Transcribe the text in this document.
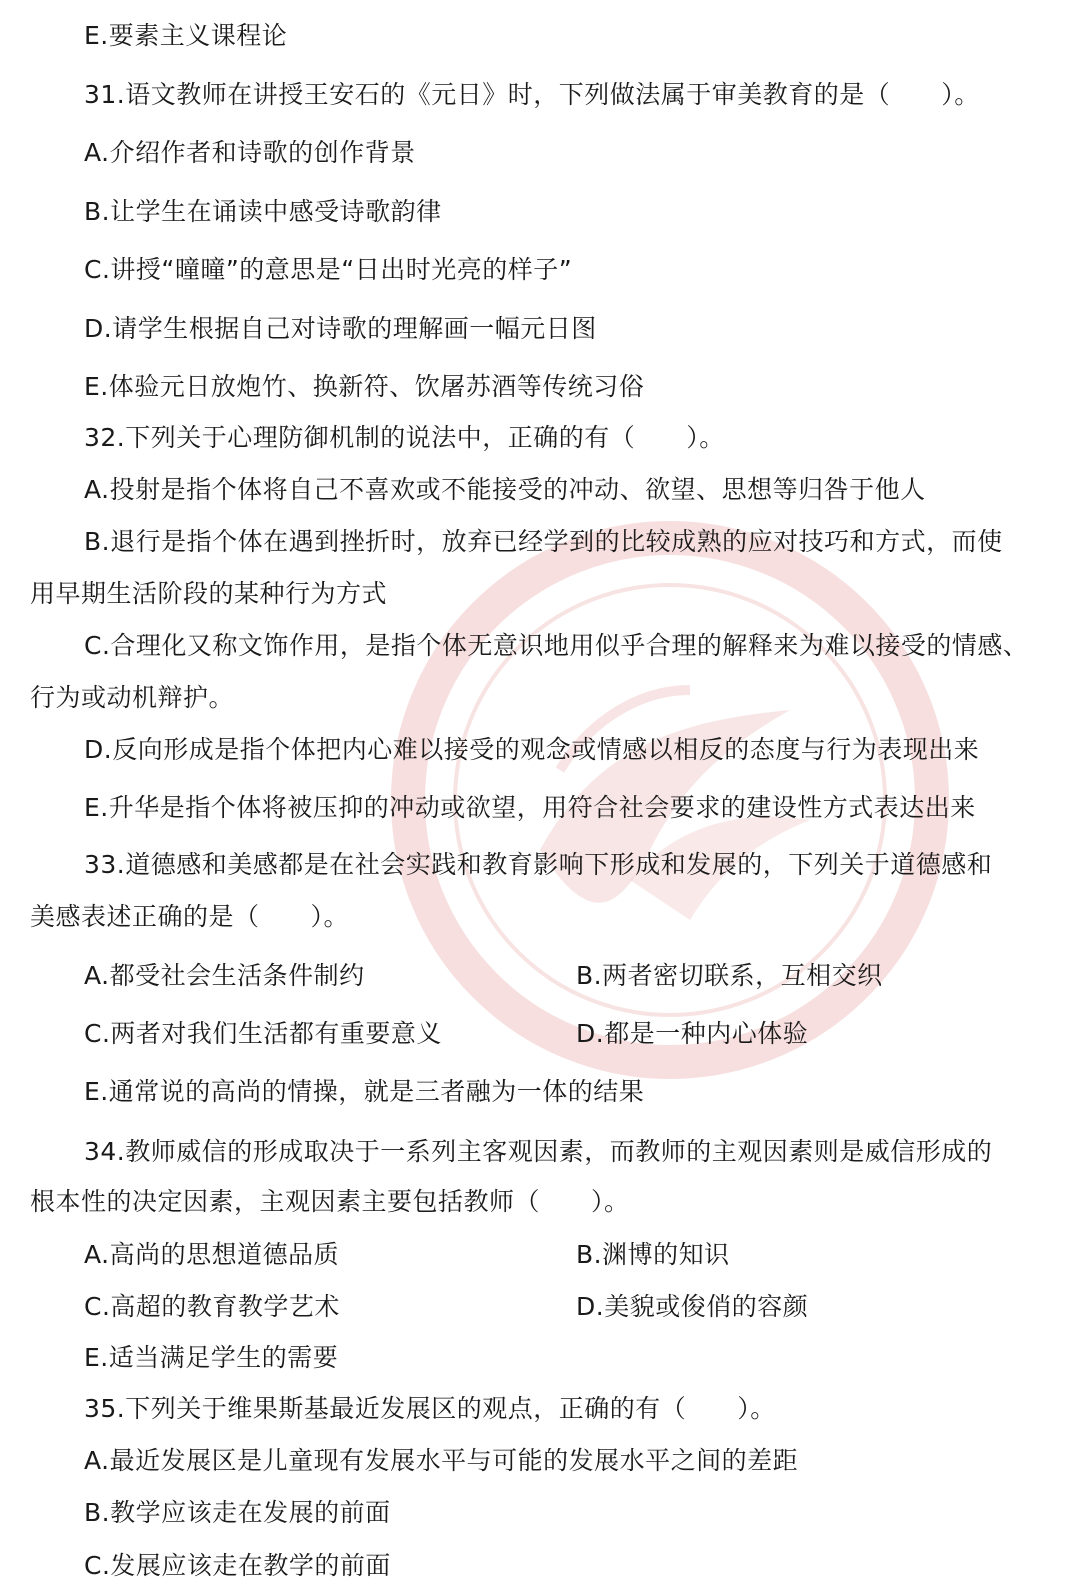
E.要素主义课程论
31.语文教师在讲授王安石的《元日》时，下列做法属于审美教育的是（　　）。
A.介绍作者和诗歌的创作背景
B.让学生在诵读中感受诗歌韵律
C.讲授“曈曈”的意思是“日出时光亮的样子”
D.请学生根据自己对诗歌的理解画一幅元日图
E.体验元日放炮竹、换新符、饮屠苏酒等传统习俗
32.下列关于心理防御机制的说法中，正确的有（　　）。
A.投射是指个体将自己不喜欢或不能接受的冲动、欲望、思想等归咎于他人
B.退行是指个体在遇到挫折时，放弃已经学到的比较成熟的应对技巧和方式，而使
用早期生活阶段的某种行为方式
C.合理化又称文饰作用，是指个体无意识地用似乎合理的解释来为难以接受的情感、
行为或动机辩护。
D.反向形成是指个体把内心难以接受的观念或情感以相反的态度与行为表现出来
E.升华是指个体将被压抑的冲动或欲望，用符合社会要求的建设性方式表达出来
33.道德感和美感都是在社会实践和教育影响下形成和发展的，下列关于道德感和
美感表述正确的是（　　）。
A.都受社会生活条件制约	B.两者密切联系，互相交织
C.两者对我们生活都有重要意义	D.都是一种内心体验
E.通常说的高尚的情操，就是三者融为一体的结果
34.教师威信的形成取决于一系列主客观因素，而教师的主观因素则是威信形成的
根本性的决定因素，主观因素主要包括教师（　　）。
A.高尚的思想道德品质	B.渊博的知识
C.高超的教育教学艺术	D.美貌或俊俏的容颜
E.适当满足学生的需要
35.下列关于维果斯基最近发展区的观点，正确的有（　　）。
A.最近发展区是儿童现有发展水平与可能的发展水平之间的差距
B.教学应该走在发展的前面
C.发展应该走在教学的前面
